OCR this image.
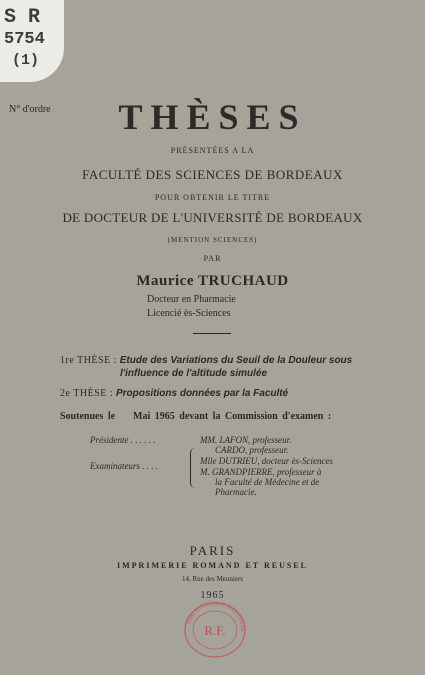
S R
5754
(1)
N° d'ordre	THÈSES
PRÉSENTÉES A LA
FACULTÉ DES SCIENCES DE BORDEAUX
POUR OBTENIR LE TITRE
DE DOCTEUR DE L'UNIVERSITÉ DE BORDEAUX
(MENTION SCIENCES)
PAR
Maurice TRUCHAUD
Docteur en Pharmacie
Licencié ès-Sciences
1re THÈSE : Etude des Variations du Seuil de la Douleur sous
l'influence de l'altitude simulée
2e THÈSE : Propositions données par la Faculté
Soutenues le    Mai 1965 devant la Commission d'examen :
Présidente . . . . . .	MM. LAFON, professeur.
CARDO, professeur.
Mlle DUTRIEU, docteur ès-Sciences
Examinateurs . . . .
M. GRANDPIERRE, professeur à
la Faculté de Médecine et de
Pharmacie.
PARIS
IMPRIMERIE ROMAND ET REUSEL
14, Rue des Meuniers
1965
BIBLIOTHÈQUE NATIONAL
R.F.
